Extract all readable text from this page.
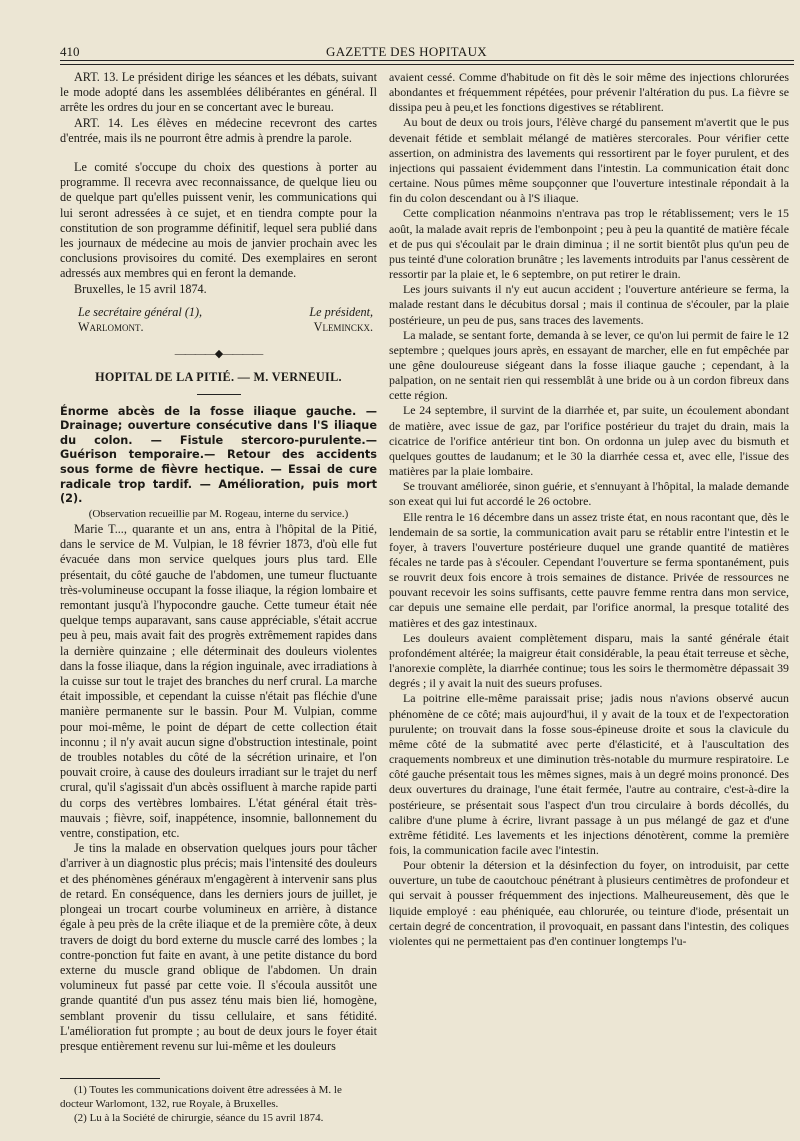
410	GAZETTE DES HOPITAUX

ART. 13. Le président dirige les séances et les débats, suivant le mode adopté dans les assemblées délibérantes en général. Il arrête les ordres du jour en se concertant avec le bureau.

ART. 14. Les élèves en médecine recevront des cartes d'entrée, mais ils ne pourront être admis à prendre la parole.

Le comité s'occupe du choix des questions à porter au programme. Il recevra avec reconnaissance, de quelque lieu ou de quelque part qu'elles puissent venir, les communications qui lui seront adressées à ce sujet, et en tiendra compte pour la constitution de son programme définitif, lequel sera publié dans les journaux de médecine au mois de janvier prochain avec les conclusions provisoires du comité. Des exemplaires en seront adressés aux membres qui en feront la demande.

Bruxelles, le 15 avril 1874.

Le secrétaire général (1),	Le président,
Warlomont.	Vleminckx.
————◆————
HOPITAL DE LA PITIÉ. — M. VERNEUIL.

Énorme abcès de la fosse iliaque gauche. — Drainage; ouverture consécutive dans l'S iliaque du colon. — Fistule stercoro-purulente.— Guérison temporaire.— Retour des accidents sous forme de fièvre hectique. — Essai de cure radicale trop tardif. — Amélioration, puis mort (2).

(Observation recueillie par M. Rogeau, interne du service.)

Marie T..., quarante et un ans, entra à l'hôpital de la Pitié, dans le service de M. Vulpian, le 18 février 1873, d'où elle fut évacuée dans mon service quelques jours plus tard. Elle présentait, du côté gauche de l'abdomen, une tumeur fluctuante très-volumineuse occupant la fosse iliaque, la région lombaire et remontant jusqu'à l'hypocondre gauche. Cette tumeur était née quelque temps auparavant, sans cause appréciable, s'était accrue peu à peu, mais avait fait des progrès extrêmement rapides dans la dernière quinzaine ; elle déterminait des douleurs violentes dans la fosse iliaque, dans la région inguinale, avec irradiations à la cuisse sur tout le trajet des branches du nerf crural. La marche était impossible, et cependant la cuisse n'était pas fléchie d'une manière permanente sur le bassin. Pour M. Vulpian, comme pour moi-même, le point de départ de cette collection était inconnu ; il n'y avait aucun signe d'obstruction intestinale, point de troubles notables du côté de la sécrétion urinaire, et l'on pouvait croire, à cause des douleurs irradiant sur le trajet du nerf crural, qu'il s'agissait d'un abcès ossifluent à marche rapide parti du corps des vertèbres lombaires. L'état général était très-mauvais ; fièvre, soif, inappétence, insomnie, ballonnement du ventre, constipation, etc.

Je tins la malade en observation quelques jours pour tâcher d'arriver à un diagnostic plus précis; mais l'intensité des douleurs et des phénomènes généraux m'engagèrent à intervenir sans plus de retard. En conséquence, dans les derniers jours de juillet, je plongeai un trocart courbe volumineux en arrière, à distance égale à peu près de la crête iliaque et de la première côte, à deux travers de doigt du bord externe du muscle carré des lombes ; la contre-ponction fut faite en avant, à une petite distance du bord externe du muscle grand oblique de l'abdomen. Un drain volumineux fut passé par cette voie. Il s'écoula aussitôt une grande quantité d'un pus assez ténu mais bien lié, homogène, semblant provenir du tissu cellulaire, et sans fétidité. L'amélioration fut prompte ; au bout de deux jours le foyer était presque entièrement revenu sur lui-même et les douleurs

(1) Toutes les communications doivent être adressées à M. le docteur Warlomont, 132, rue Royale, à Bruxelles.

(2) Lu à la Société de chirurgie, séance du 15 avril 1874.

avaient cessé. Comme d'habitude on fit dès le soir même des injections chlorurées abondantes et fréquemment répétées, pour prévenir l'altération du pus. La fièvre se dissipa peu à peu,et les fonctions digestives se rétablirent.

Au bout de deux ou trois jours, l'élève chargé du pansement m'avertit que le pus devenait fétide et semblait mélangé de matières stercorales. Pour vérifier cette assertion, on administra des lavements qui ressortirent par le foyer purulent, et des injections qui passaient évidemment dans l'intestin. La communication était donc certaine. Nous pûmes même soupçonner que l'ouverture intestinale répondait à la fin du colon descendant ou à l'S iliaque.

Cette complication néanmoins n'entrava pas trop le rétablissement; vers le 15 août, la malade avait repris de l'embonpoint ; peu à peu la quantité de matière fécale et de pus qui s'écoulait par le drain diminua ; il ne sortit bientôt plus qu'un peu de pus teinté d'une coloration brunâtre ; les lavements introduits par l'anus cessèrent de ressortir par la plaie et, le 6 septembre, on put retirer le drain.

Les jours suivants il n'y eut aucun accident ; l'ouverture antérieure se ferma, la malade restant dans le décubitus dorsal ; mais il continua de s'écouler, par la plaie postérieure, un peu de pus, sans traces des lavements.

La malade, se sentant forte, demanda à se lever, ce qu'on lui permit de faire le 12 septembre ; quelques jours après, en essayant de marcher, elle en fut empêchée par une gêne douloureuse siégeant dans la fosse iliaque gauche ; cependant, à la palpation, on ne sentait rien qui ressemblât à une bride ou à un cordon fibreux dans cette région.

Le 24 septembre, il survint de la diarrhée et, par suite, un écoulement abondant de matière, avec issue de gaz, par l'orifice postérieur du trajet du drain, mais la cicatrice de l'orifice antérieur tint bon. On ordonna un julep avec du bismuth et quelques gouttes de laudanum; et le 30 la diarrhée cessa et, avec elle, l'issue des matières par la plaie lombaire.

Se trouvant améliorée, sinon guérie, et s'ennuyant à l'hôpital, la malade demande son exeat qui lui fut accordé le 26 octobre.

Elle rentra le 16 décembre dans un assez triste état, en nous racontant que, dès le lendemain de sa sortie, la communication avait paru se rétablir entre l'intestin et le foyer, à travers l'ouverture postérieure duquel une grande quantité de matières fécales ne tarde pas à s'écouler. Cependant l'ouverture se ferma spontanément, puis se rouvrit deux fois encore à trois semaines de distance. Privée de ressources ne pouvant recevoir les soins suffisants, cette pauvre femme rentra dans mon service, car depuis une semaine elle perdait, par l'orifice anormal, la presque totalité des matières et des gaz intestinaux.

Les douleurs avaient complètement disparu, mais la santé générale était profondément altérée; la maigreur était considérable, la peau était terreuse et sèche, l'anorexie complète, la diarrhée continue; tous les soirs le thermomètre dépassait 39 degrés ; il y avait la nuit des sueurs profuses.

La poitrine elle-même paraissait prise; jadis nous n'avions observé aucun phénomène de ce côté; mais aujourd'hui, il y avait de la toux et de l'expectoration purulente; on trouvait dans la fosse sous-épineuse droite et sous la clavicule du même côté de la submatité avec perte d'élasticité, et à l'auscultation des craquements nombreux et une diminution très-notable du murmure respiratoire. Le côté gauche présentait tous les mêmes signes, mais à un degré moins prononcé. Des deux ouvertures du drainage, l'une était fermée, l'autre au contraire, c'est-à-dire la postérieure, se présentait sous l'aspect d'un trou circulaire à bords décollés, du calibre d'une plume à écrire, livrant passage à un pus mélangé de gaz et d'une extrême fétidité. Les lavements et les injections dénotèrent, comme la première fois, la communication facile avec l'intestin.

Pour obtenir la détersion et la désinfection du foyer, on introduisit, par cette ouverture, un tube de caoutchouc pénétrant à plusieurs centimètres de profondeur et qui servait à pousser fréquemment des injections. Malheureusement, dès que le liquide employé : eau phéniquée, eau chlorurée, ou teinture d'iode, présentait un certain degré de concentration, il provoquait, en passant dans l'intestin, des coliques violentes qui ne permettaient pas d'en continuer longtemps l'u-
